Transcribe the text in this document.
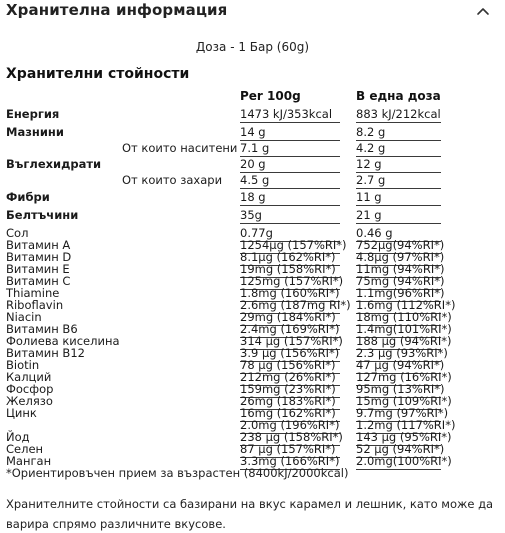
Хранителна информация
Доза - 1 Бар (60g)
Хранителни стойности
Per 100g	В една доза
Енергия	1473 kJ/353kcal	883 kJ/212kcal
Мазнини	14 g	8.2 g
От които наситени 7.1 g	4.2 g
Въглехидрати	20 g	12 g
От които захари 4.5 g	2.7 g
Фибри	18 g	11 g
Белтъчини	35g	21 g
Сол	0.77g	0.46 g
Витамин A	1254µg (157%RI*) 752µg(94%RI*)
Витамин D	8.1µg (162%RI*)	4.8µg (97%RI*)
Витамин E	19mg (158%RI*)	11mg (94%RI*)
Витамин C	125mg (157%RI*) 75mg (94%RI*)
Thiamine	1.8mg (160%RI*) 1.1mg(96%RI*)
Riboflavin	2.6mg (187mg RI*) 1.6mg (112%RI*)
Niacin	29mg (184%RI*)	18mg (110%RI*)
Витамин B6	2.4mg (169%RI*) 1.4mg(101%RI*)
Фолиева киселина	314 µg (157%RI*) 188 µg (94%RI*)
Витамин B12	3.9 µg (156%RI*) 2.3 µg (93%RI*)
Biotin	78 µg (156%RI*)	47 µg (94%RI*)
Калций	212mg (26%RI*)	127mg (16%RI*)
Фосфор	159mg (23%RI*)	95mg (13%RI*)
Желязо	26mg (183%RI*)	15mg (109%RI*)
Цинк	16mg (162%RI*)	9.7mg (97%RI*)
2.0mg (196%RI*) 1.2mg (117%RI*)
Йод	238 µg (158%RI*) 143 µg (95%RI*)
Селен	87 µg (157%RI*)	52 µg (94%RI*)
Манган	3.3mg (166%RI*) 2.0mg(100%RI*)
*Ориентировъчен прием за възрастен (8400kJ/2000kcal)
Хранителните стойности са базирани на вкус карамел и лешник, като може да варира спрямо различните вкусове.
